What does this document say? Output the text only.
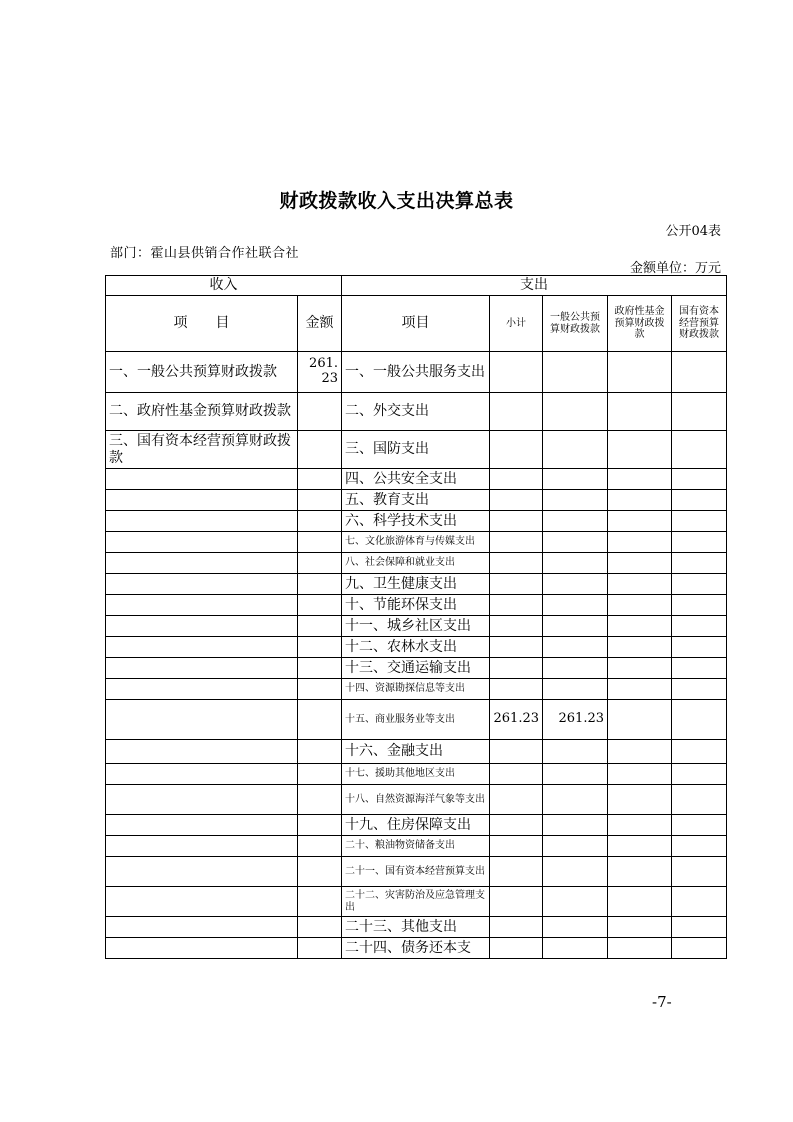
财政拨款收入支出决算总表
公开04表
部门：霍山县供销合作社联合社
金额单位：万元
收入		支出				
项　　目	金额	项目	小计	一般公共预算财政拨款	政府性基金预算财政拨款	国有资本经营预算财政拨款
一、一般公共预算财政拨款	261.23	一、一般公共服务支出				
二、政府性基金预算财政拨款		二、外交支出				
三、国有资本经营预算财政拨款		三、国防支出				
		四、公共安全支出				
		五、教育支出				
		六、科学技术支出				
		七、文化旅游体育与传媒支出				
		八、社会保障和就业支出				
		九、卫生健康支出				
		十、节能环保支出				
		十一、城乡社区支出				
		十二、农林水支出				
		十三、交通运输支出				
		十四、资源勘探信息等支出				
		十五、商业服务业等支出	261.23	261.23		
		十六、金融支出				
		十七、援助其他地区支出				
		十八、自然资源海洋气象等支出				
		十九、住房保障支出				
		二十、粮油物资储备支出				
		二十一、国有资本经营预算支出				
		二十二、灾害防治及应急管理支出				
		二十三、其他支出				
		二十四、债务还本支				
-7-
